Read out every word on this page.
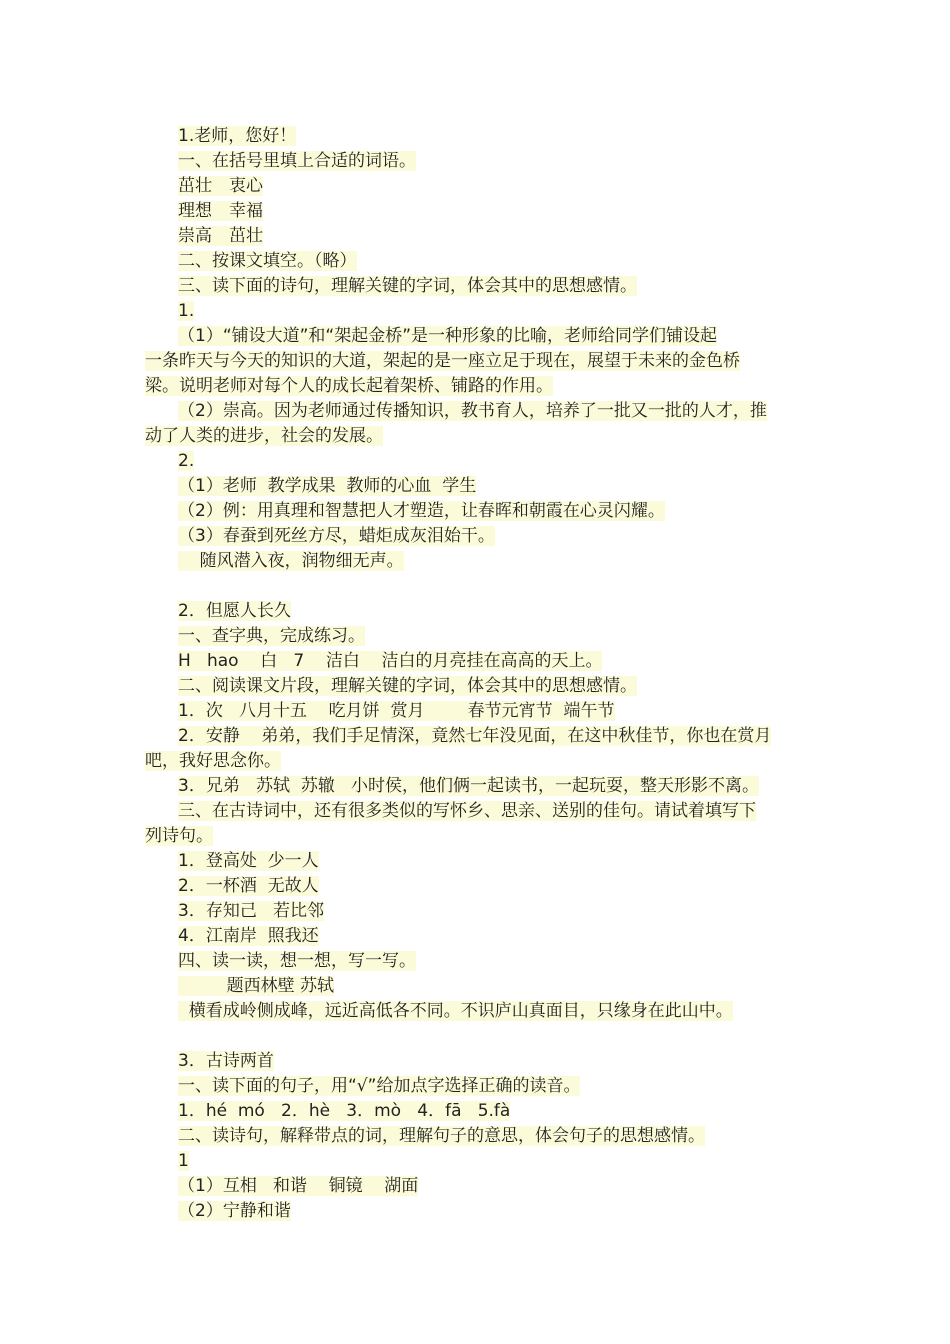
1.老师，您好！
一、在括号里填上合适的词语。
茁壮　衷心
理想　幸福
崇高　茁壮
二、按课文填空。（略）
三、读下面的诗句，理解关键的字词，体会其中的思想感情。
1.
（1）“铺设大道”和“架起金桥”是一种形象的比喻，老师给同学们铺设起
一条昨天与今天的知识的大道，架起的是一座立足于现在，展望于未来的金色桥
梁。说明老师对每个人的成长起着架桥、铺路的作用。
（2）崇高。因为老师通过传播知识，教书育人，培养了一批又一批的人才，推
动了人类的进步，社会的发展。
2.
（1）老师  教学成果  教师的心血  学生
（2）例：用真理和智慧把人才塑造，让春晖和朝霞在心灵闪耀。
（3）春蚕到死丝方尽，蜡炬成灰泪始干。
随风潜入夜，润物细无声。
2．但愿人长久
一、查字典，完成练习。
H   hao    白   7    洁白    洁白的月亮挂在高高的天上。
二、阅读课文片段，理解关键的字词，体会其中的思想感情。
1．次   八月十五    吃月饼  赏月        春节元宵节  端午节
2．安静    弟弟，我们手足情深，竟然七年没见面，在这中秋佳节，你也在赏月
吧，我好思念你。
3．兄弟   苏轼  苏辙   小时侯，他们俩一起读书，一起玩耍，整天形影不离。
三、在古诗词中，还有很多类似的写怀乡、思亲、送别的佳句。请试着填写下
列诗句。
1．登高处  少一人
2．一杯酒  无故人
3．存知己   若比邻
4．江南岸  照我还
四、读一读，想一想，写一写。
题西林壁 苏轼
横看成岭侧成峰，远近高低各不同。不识庐山真面目，只缘身在此山中。
3．古诗两首
一、读下面的句子，用“√”给加点字选择正确的读音。
1．hé  mó   2．hè   3．mò   4．fā   5.fà
二、读诗句，解释带点的词，理解句子的意思，体会句子的思想感情。
1
（1）互相   和谐    铜镜    湖面
（2）宁静和谐
